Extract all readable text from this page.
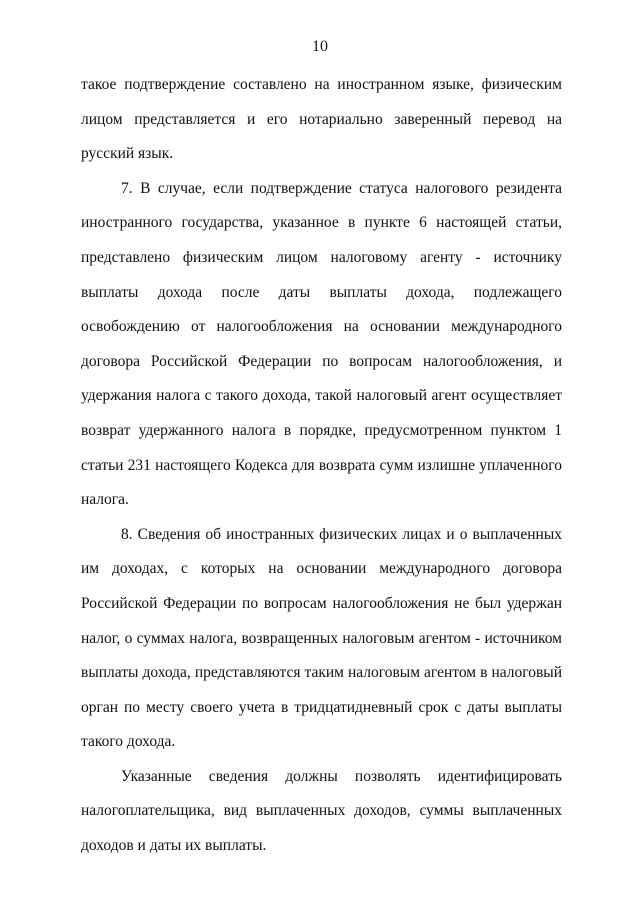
10

такое подтверждение составлено на иностранном языке, физическим лицом представляется и его нотариально заверенный перевод на русский язык.

7. В случае, если подтверждение статуса налогового резидента иностранного государства, указанное в пункте 6 настоящей статьи, представлено физическим лицом налоговому агенту - источнику выплаты дохода после даты выплаты дохода, подлежащего освобождению от налогообложения на основании международного договора Российской Федерации по вопросам налогообложения, и удержания налога с такого дохода, такой налоговый агент осуществляет возврат удержанного налога в порядке, предусмотренном пунктом 1 статьи 231 настоящего Кодекса для возврата сумм излишне уплаченного налога.

8. Сведения об иностранных физических лицах и о выплаченных им доходах, с которых на основании международного договора Российской Федерации по вопросам налогообложения не был удержан налог, о суммах налога, возвращенных налоговым агентом - источником выплаты дохода, представляются таким налоговым агентом в налоговый орган по месту своего учета в тридцатидневный срок с даты выплаты такого дохода.

Указанные сведения должны позволять идентифицировать налогоплательщика, вид выплаченных доходов, суммы выплаченных доходов и даты их выплаты.
